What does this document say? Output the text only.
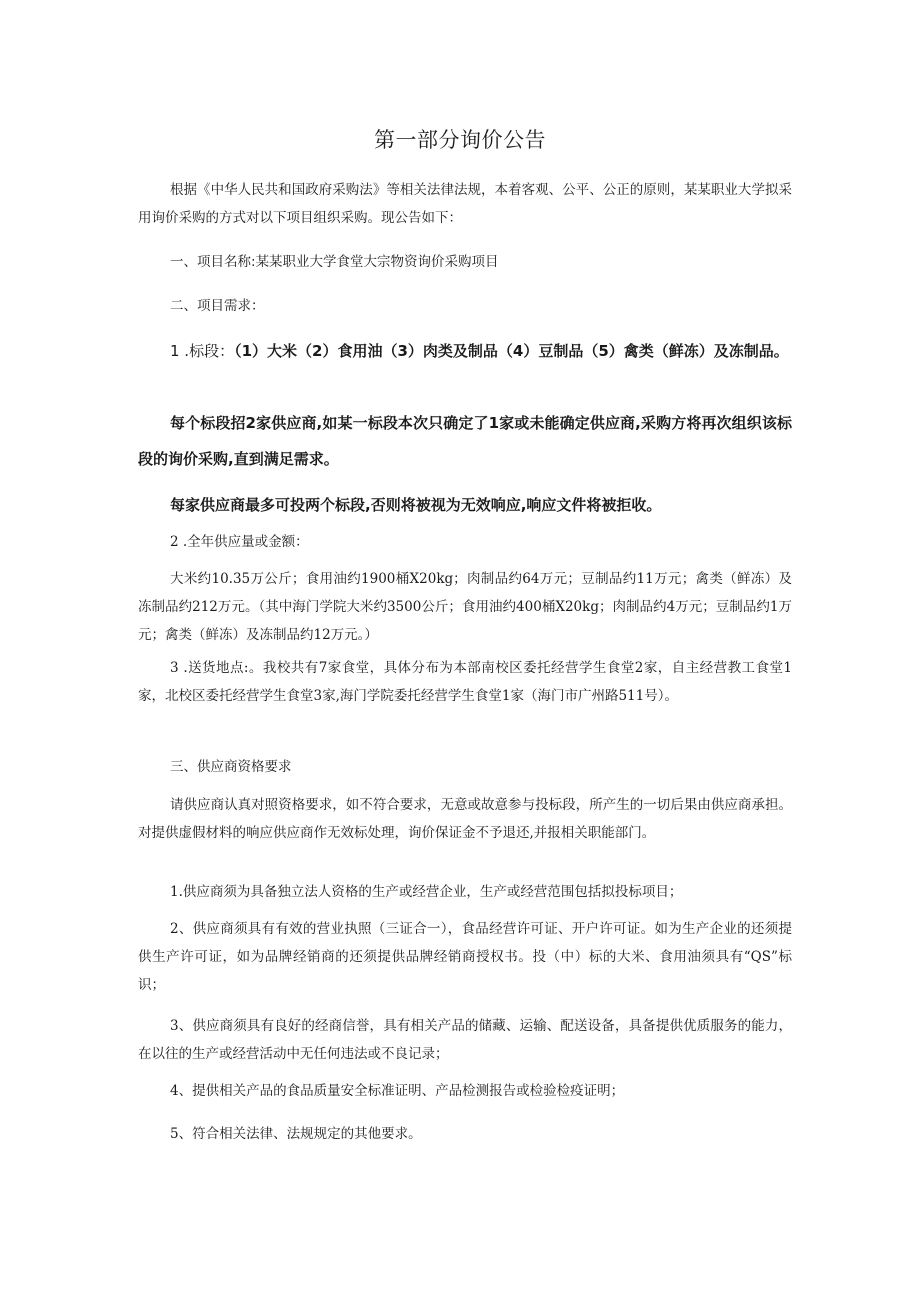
第一部分询价公告

根据《中华人民共和国政府采购法》等相关法律法规，本着客观、公平、公正的原则，某某职业大学拟采用询价采购的方式对以下项目组织采购。现公告如下：

一、项目名称:某某职业大学食堂大宗物资询价采购项目

二、项目需求：

1 .标段：（1）大米（2）食用油（3）肉类及制品（4）豆制品（5）禽类（鲜冻）及冻制品。

每个标段招2家供应商,如某一标段本次只确定了1家或未能确定供应商,采购方将再次组织该标段的询价采购,直到满足需求。

每家供应商最多可投两个标段,否则将被视为无效响应,响应文件将被拒收。

2 .全年供应量或金额：

大米约10.35万公斤；食用油约1900桶X20kg；肉制品约64万元；豆制品约11万元；禽类（鲜冻）及冻制品约212万元。（其中海门学院大米约3500公斤；食用油约400桶X20kg；肉制品约4万元；豆制品约1万元；禽类（鲜冻）及冻制品约12万元。）

3 .送货地点:。我校共有7家食堂，具体分布为本部南校区委托经营学生食堂2家，自主经营教工食堂1家，北校区委托经营学生食堂3家,海门学院委托经营学生食堂1家（海门市广州路511号）。

三、供应商资格要求

请供应商认真对照资格要求，如不符合要求，无意或故意参与投标段，所产生的一切后果由供应商承担。对提供虚假材料的响应供应商作无效标处理，询价保证金不予退还,并报相关职能部门。

1.供应商须为具备独立法人资格的生产或经营企业，生产或经营范围包括拟投标项目；

2、供应商须具有有效的营业执照（三证合一），食品经营许可证、开户许可证。如为生产企业的还须提供生产许可证，如为品牌经销商的还须提供品牌经销商授权书。投（中）标的大米、食用油须具有“QS”标识；

3、供应商须具有良好的经商信誉，具有相关产品的储藏、运输、配送设备，具备提供优质服务的能力，在以往的生产或经营活动中无任何违法或不良记录；

4、提供相关产品的食品质量安全标准证明、产品检测报告或检验检疫证明；

5、符合相关法律、法规规定的其他要求。
